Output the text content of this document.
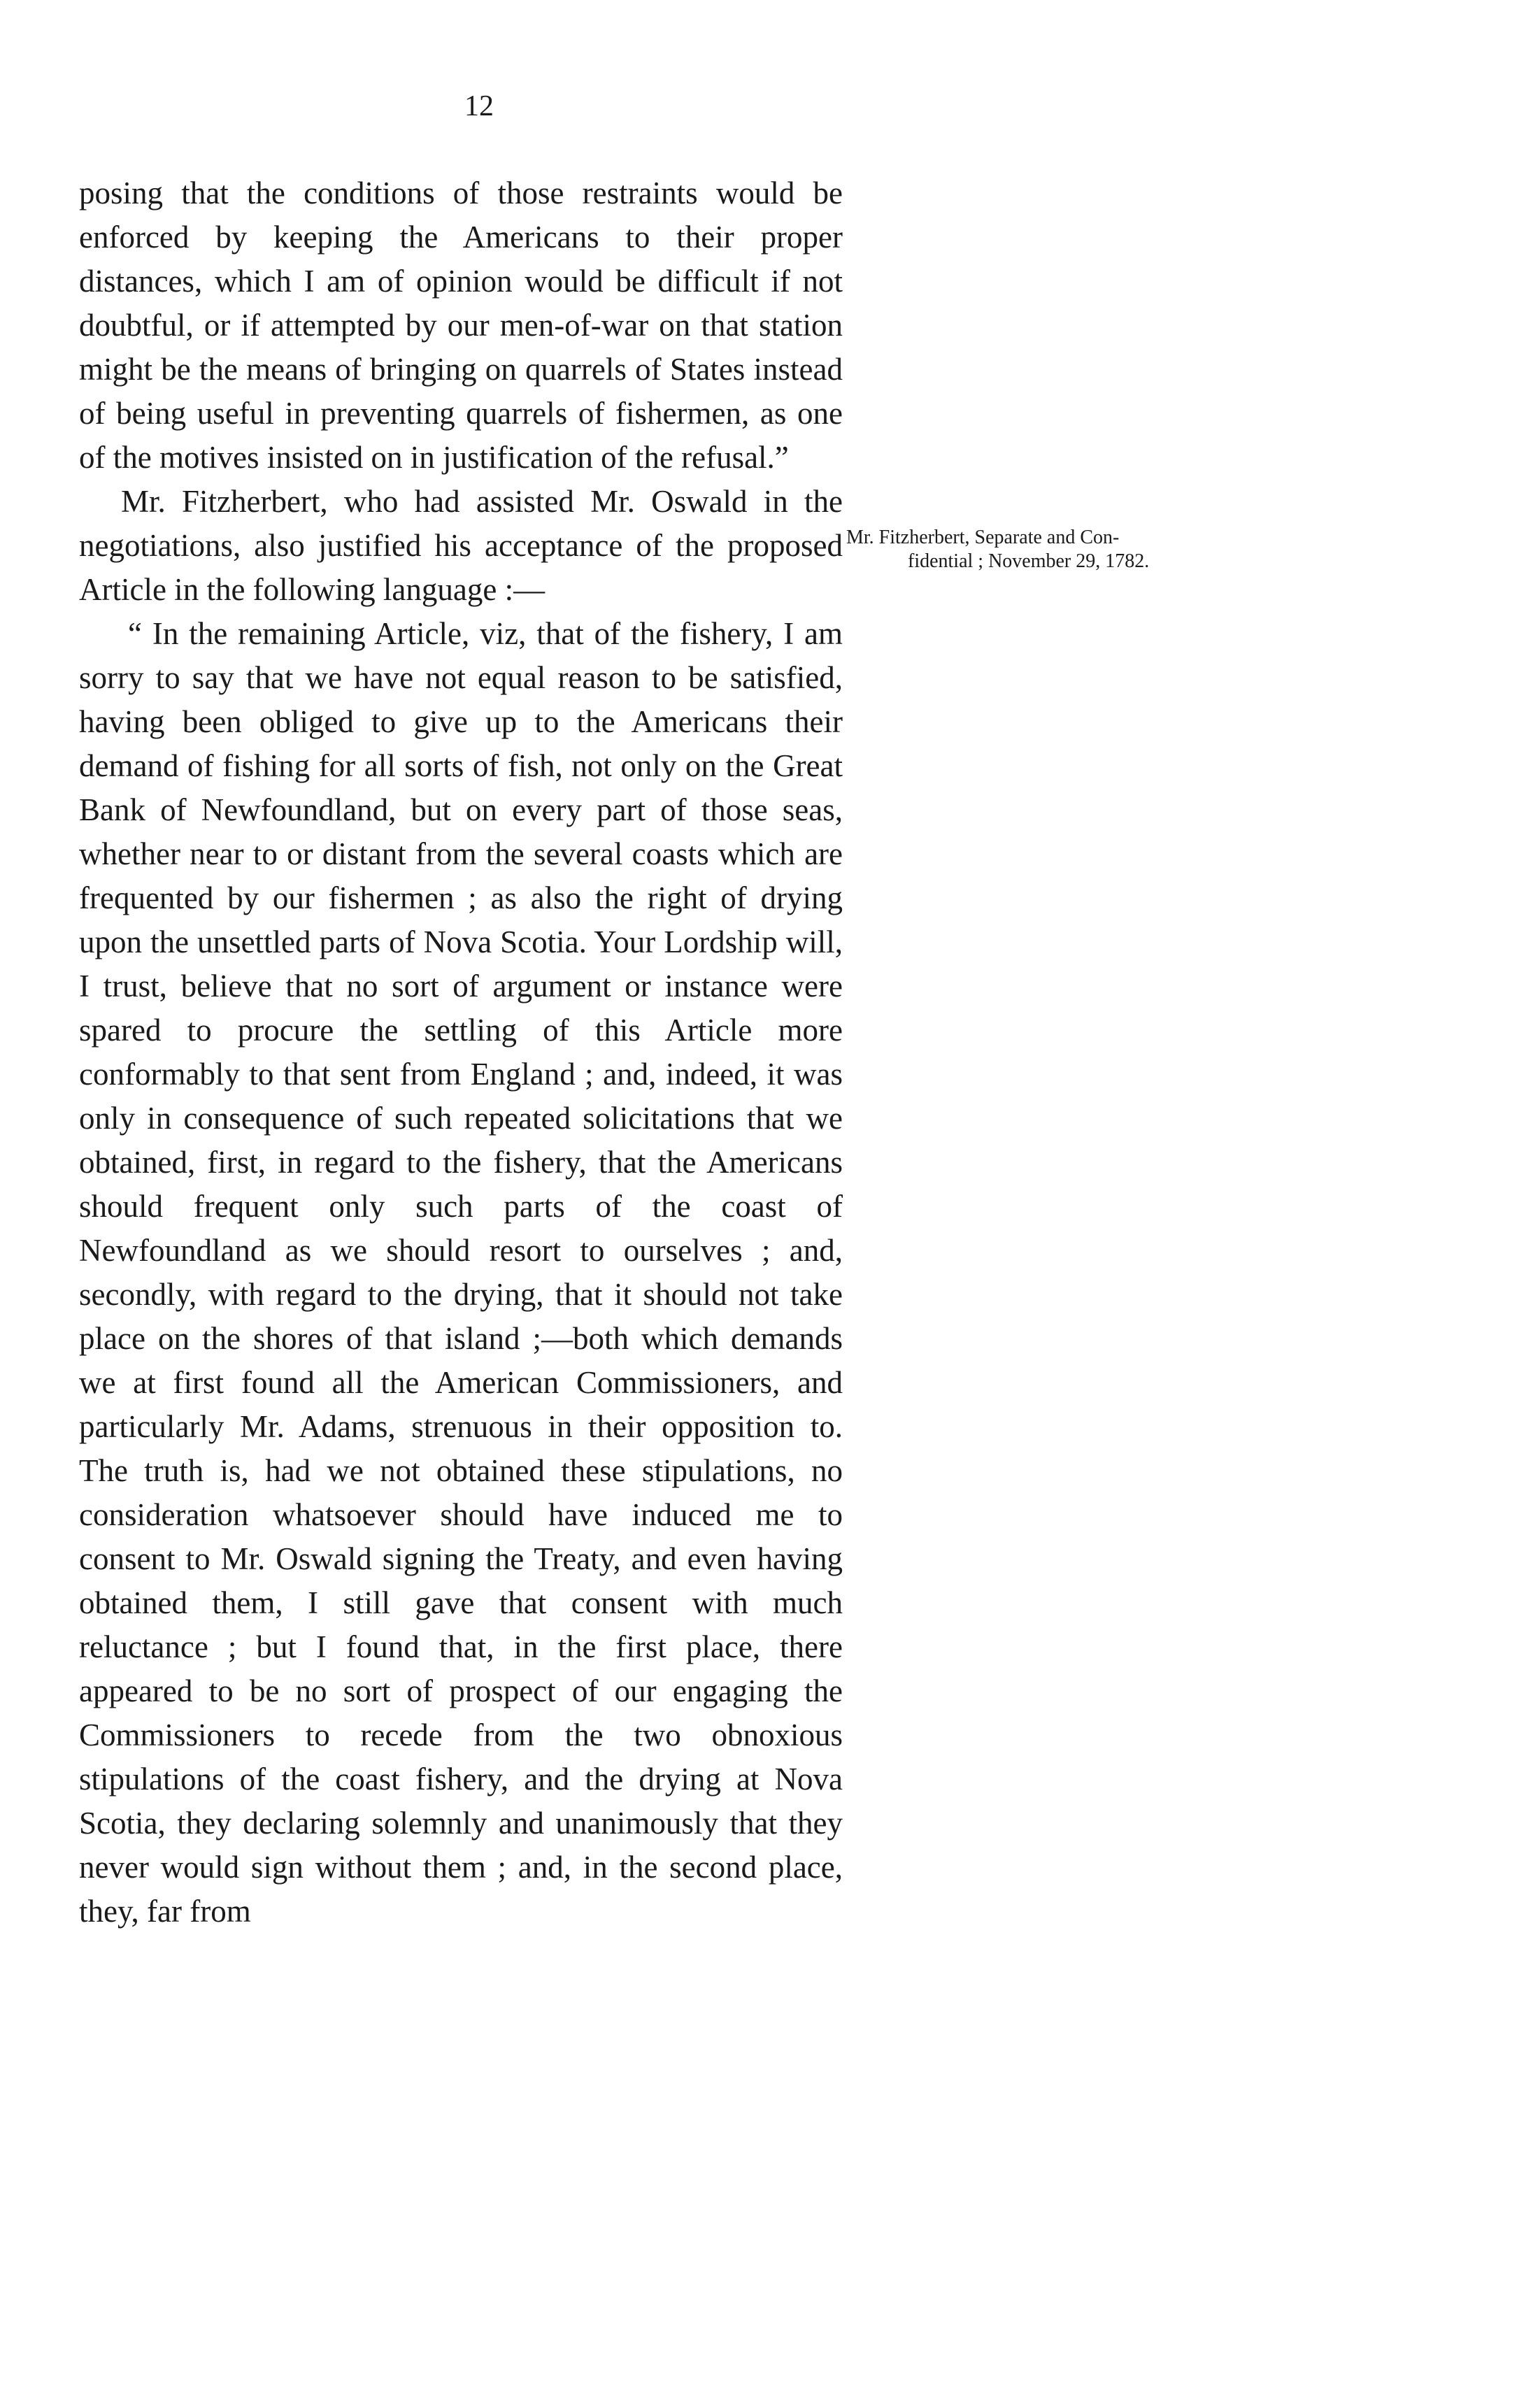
12

posing that the conditions of those restraints would be enforced by keeping the Americans to their proper distances, which I am of opinion would be difficult if not doubtful, or if attempted by our men-of-war on that station might be the means of bringing on quarrels of States instead of being useful in preventing quarrels of fishermen, as one of the motives insisted on in justification of the refusal.”

Mr. Fitzherbert, who had assisted Mr. Oswald in the negotiations, also justified his acceptance of the proposed Article in the following language :—

“ In the remaining Article, viz, that of the fishery, I am sorry to say that we have not equal reason to be satisfied, having been obliged to give up to the Americans their demand of fishing for all sorts of fish, not only on the Great Bank of Newfoundland, but on every part of those seas, whether near to or distant from the several coasts which are frequented by our fishermen ; as also the right of drying upon the unsettled parts of Nova Scotia. Your Lordship will, I trust, believe that no sort of argument or instance were spared to procure the settling of this Article more conformably to that sent from England ; and, indeed, it was only in consequence of such repeated solicitations that we obtained, first, in regard to the fishery, that the Americans should frequent only such parts of the coast of Newfoundland as we should resort to ourselves ; and, secondly, with regard to the drying, that it should not take place on the shores of that island ;—both which demands we at first found all the American Commissioners, and particularly Mr. Adams, strenuous in their opposition to. The truth is, had we not obtained these stipulations, no consideration whatsoever should have induced me to consent to Mr. Oswald signing the Treaty, and even having obtained them, I still gave that consent with much reluctance ; but I found that, in the first place, there appeared to be no sort of prospect of our engaging the Commissioners to recede from the two obnoxious stipulations of the coast fishery, and the drying at Nova Scotia, they declaring solemnly and unanimously that they never would sign without them ; and, in the second place, they, far from

Mr. Fitzherbert, Separate and Con-
fidential ; November 29, 1782.
